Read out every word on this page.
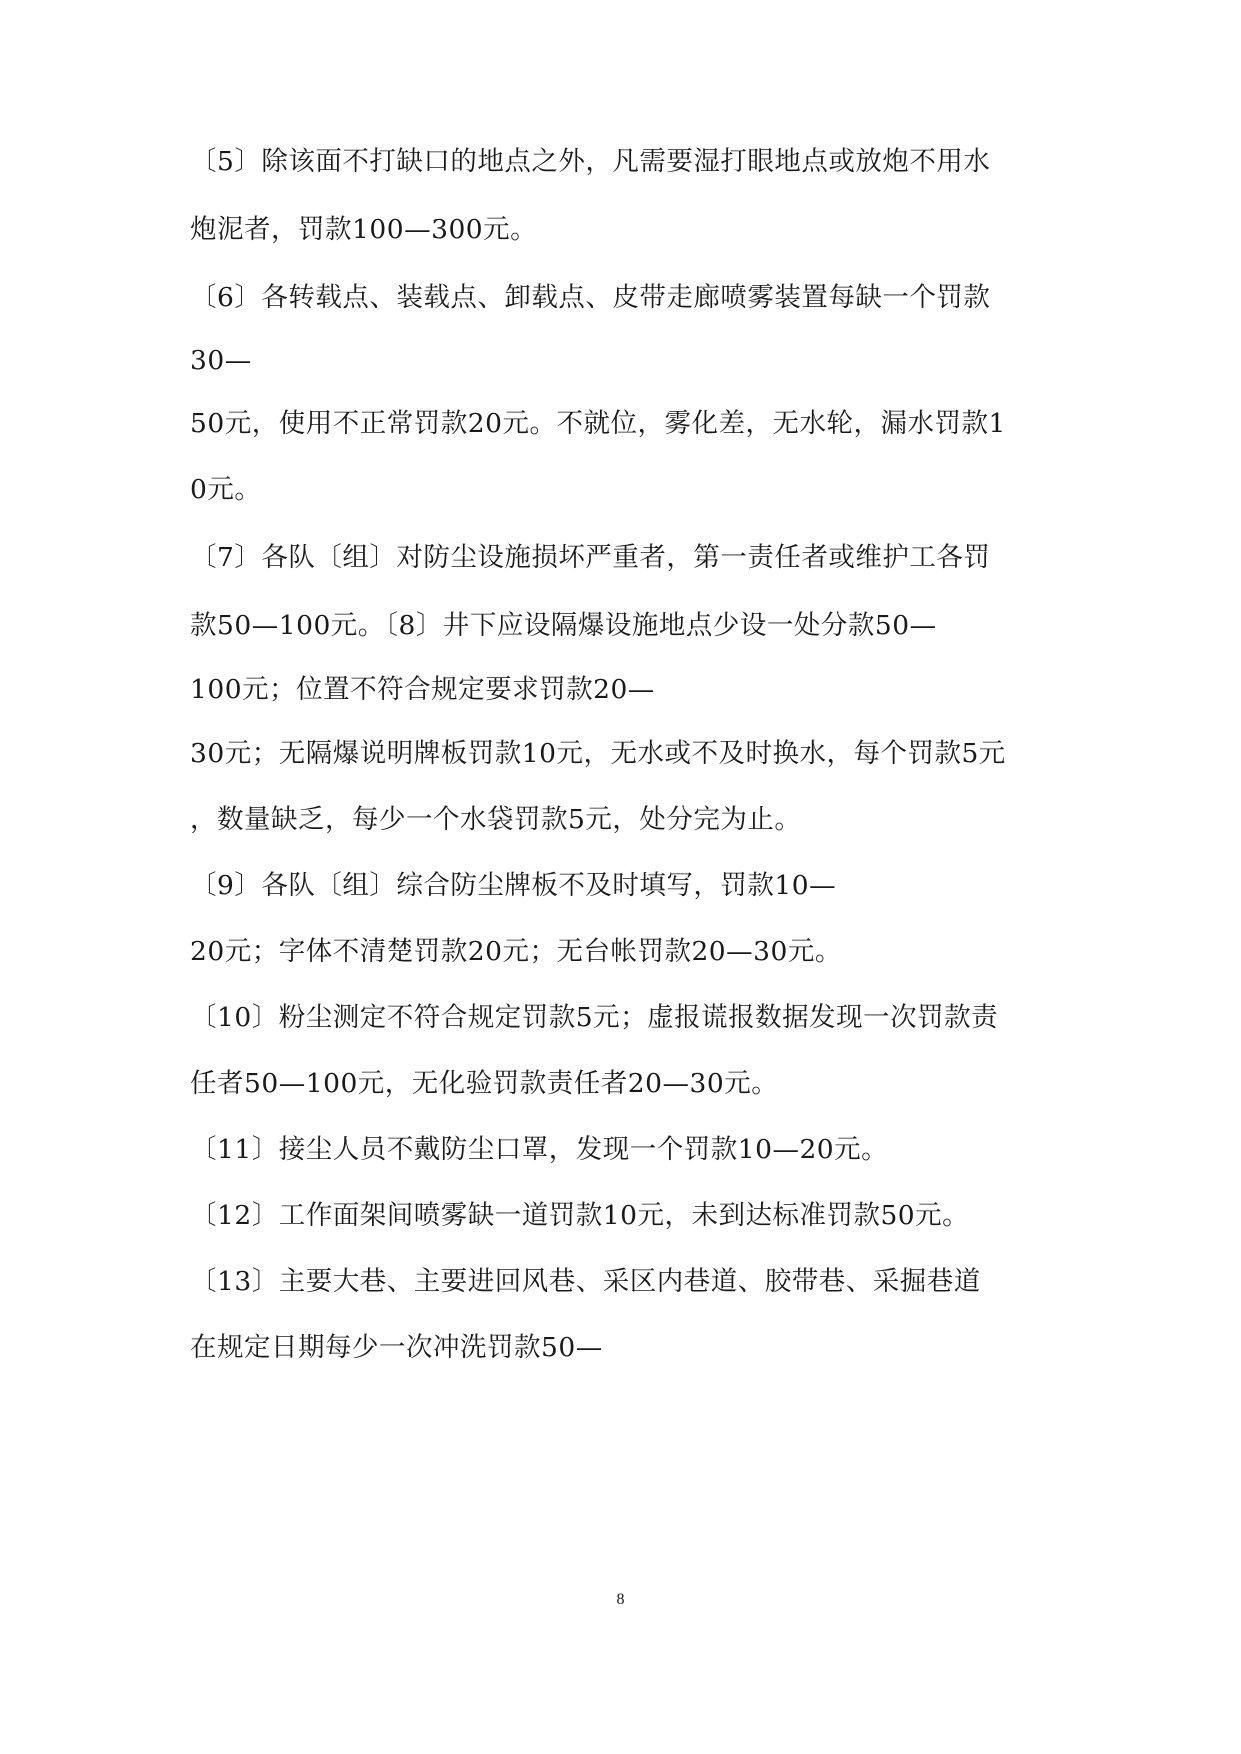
〔5〕除该面不打缺口的地点之外，凡需要湿打眼地点或放炮不用水
炮泥者，罚款100—300元。
〔6〕各转载点、装载点、卸载点、皮带走廊喷雾装置每缺一个罚款
30—
50元，使用不正常罚款20元。不就位，雾化差，无水轮，漏水罚款1
0元。
〔7〕各队〔组〕对防尘设施损坏严重者，第一责任者或维护工各罚
款50—100元。〔8〕井下应设隔爆设施地点少设一处分款50—
100元；位置不符合规定要求罚款20—
30元；无隔爆说明牌板罚款10元，无水或不及时换水，每个罚款5元
，数量缺乏，每少一个水袋罚款5元，处分完为止。
〔9〕各队〔组〕综合防尘牌板不及时填写，罚款10—
20元；字体不清楚罚款20元；无台帐罚款20—30元。
〔10〕粉尘测定不符合规定罚款5元；虚报谎报数据发现一次罚款责
任者50—100元，无化验罚款责任者20—30元。
〔11〕接尘人员不戴防尘口罩，发现一个罚款10—20元。
〔12〕工作面架间喷雾缺一道罚款10元，未到达标准罚款50元。
〔13〕主要大巷、主要进回风巷、采区内巷道、胶带巷、采掘巷道
在规定日期每少一次冲洗罚款50—
8
